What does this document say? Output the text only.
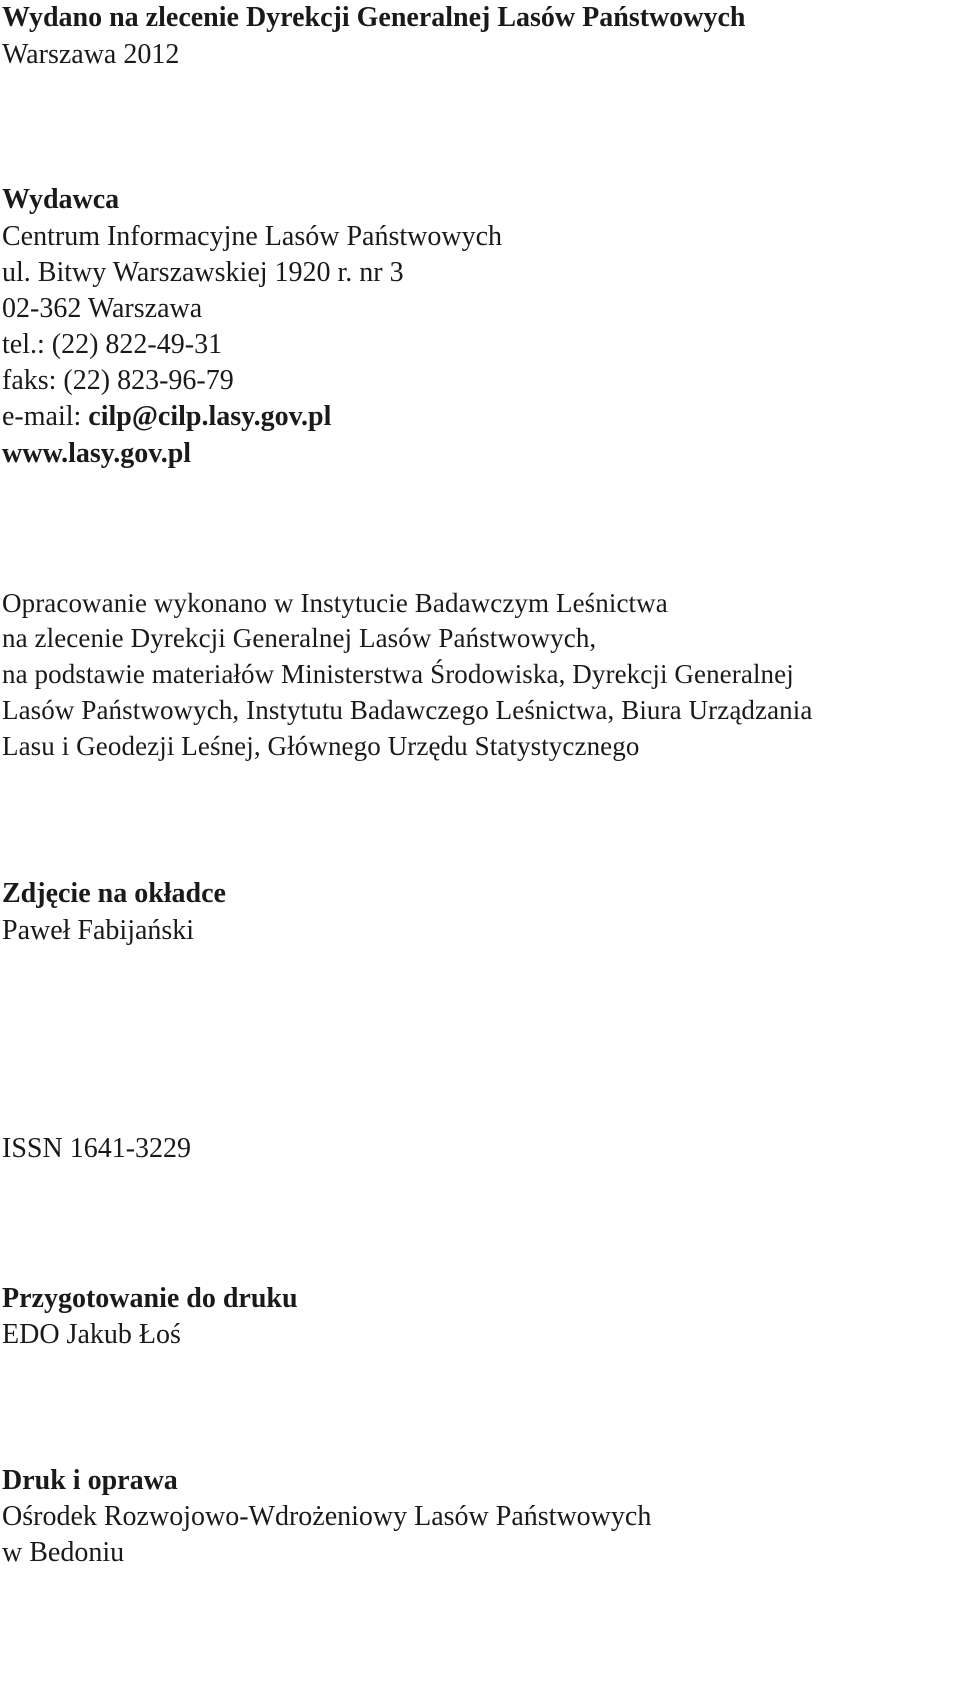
Wydano na zlecenie Dyrekcji Generalnej Lasów Państwowych
Warszawa 2012
Wydawca
Centrum Informacyjne Lasów Państwowych
ul. Bitwy Warszawskiej 1920 r. nr 3
02-362 Warszawa
tel.: (22) 822-49-31
faks: (22) 823-96-79
e-mail: cilp@cilp.lasy.gov.pl
www.lasy.gov.pl
Opracowanie wykonano w Instytucie Badawczym Leśnictwa
na zlecenie Dyrekcji Generalnej Lasów Państwowych,
na podstawie materiałów Ministerstwa Środowiska, Dyrekcji Generalnej
Lasów Państwowych, Instytutu Badawczego Leśnictwa, Biura Urządzania
Lasu i Geodezji Leśnej, Głównego Urzędu Statystycznego
Zdjęcie na okładce
Paweł Fabijański
ISSN 1641-3229
Przygotowanie do druku
EDO Jakub Łoś
Druk i oprawa
Ośrodek Rozwojowo-Wdrożeniowy Lasów Państwowych
w Bedoniu
